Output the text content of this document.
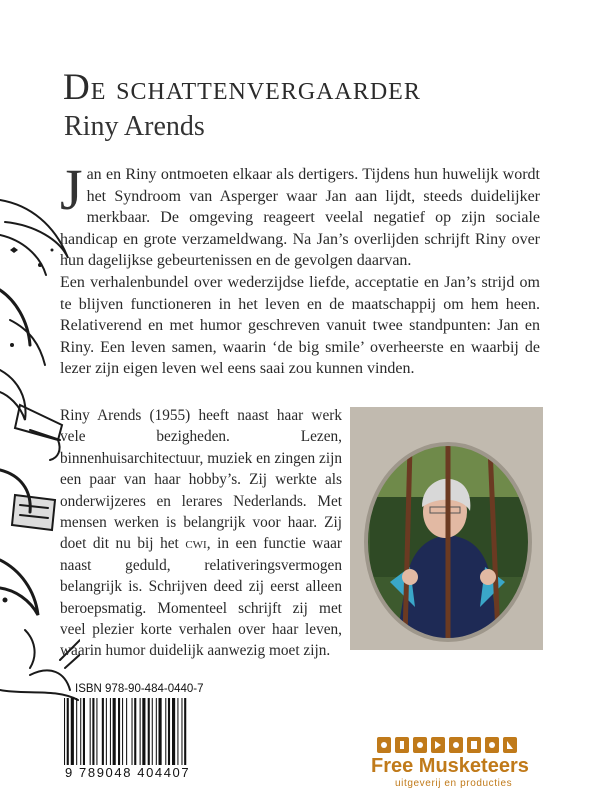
De schattenvergaarder
Riny Arends

Jan en Riny ontmoeten elkaar als dertigers. Tijdens hun huwelijk wordt het Syndroom van Asperger waar Jan aan lijdt, steeds duidelijker merkbaar. De omgeving reageert veelal negatief op zijn sociale handicap en grote verzameldwang. Na Jan’s overlijden schrijft Riny over hun dagelijkse gebeurtenissen en de gevolgen daarvan.

Een verhalenbundel over wederzijdse liefde, acceptatie en Jan’s strijd om te blijven functioneren in het leven en de maatschappij om hem heen. Relativerend en met humor geschreven vanuit twee standpunten: Jan en Riny. Een leven samen, waarin ‘de big smile’ overheerste en waarbij de lezer zijn eigen leven wel eens saai zou kunnen vinden.

Riny Arends (1955) heeft naast haar werk vele bezigheden. Lezen, binnenhuisarchitectuur, muziek en zingen zijn een paar van haar hobby’s. Zij werkte als onderwijzeres en lerares Nederlands. Met mensen werken is belangrijk voor haar. Zij doet dit nu bij het cwi, in een functie waar naast geduld, relativeringsvermogen belangrijk is. Schrijven deed zij eerst alleen beroepsmatig. Momenteel schrijft zij met veel plezier korte verhalen over haar leven, waarin humor duidelijk aanwezig moet zijn.
ISBN 978-90-484-0440-7
9 789048 404407	Free Musketeers
uitgeverij en producties
